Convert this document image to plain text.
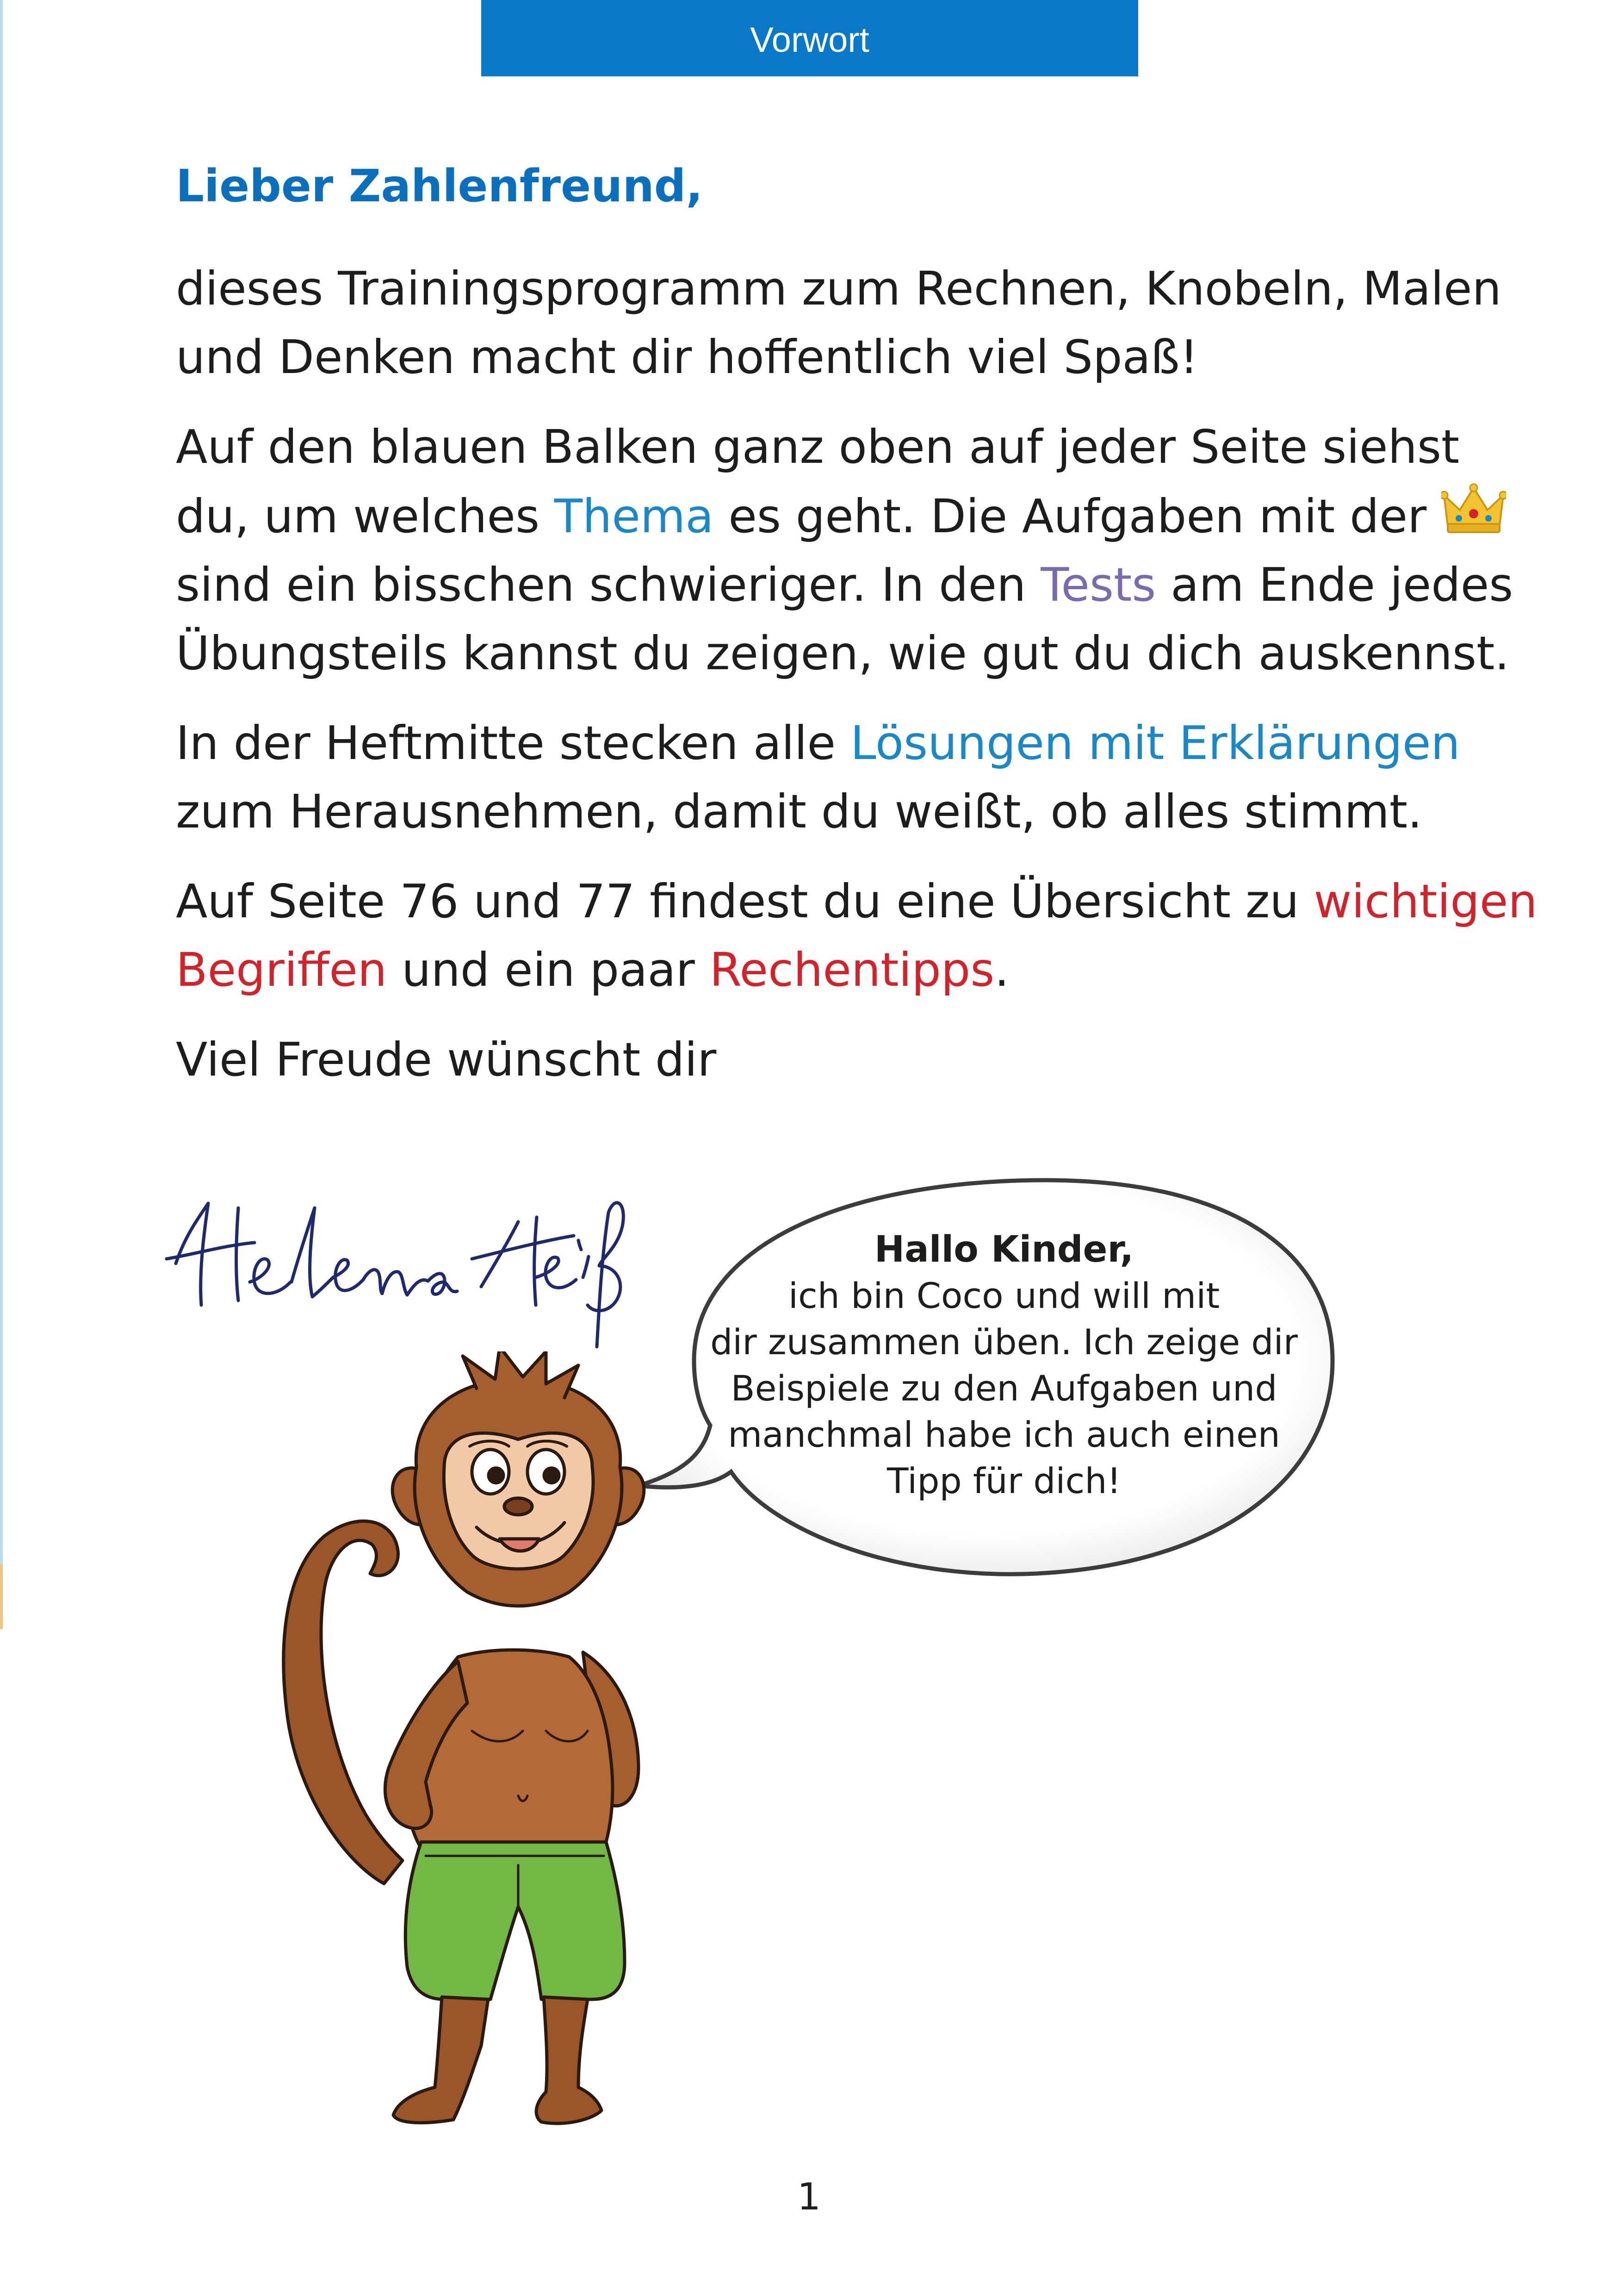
Vorwort

Lieber Zahlenfreund,

dieses Trainingsprogramm zum Rechnen, Knobeln, Malen und Denken macht dir hoffentlich viel Spaß!

Auf den blauen Balken ganz oben auf jeder Seite siehst du, um welches Thema es geht. Die Aufgaben mit der  sind ein bisschen schwieriger. In den Tests am Ende jedes Übungsteils kannst du zeigen, wie gut du dich auskennst.

In der Heftmitte stecken alle Lösungen mit Erklärungen zum Herausnehmen, damit du weißt, ob alles stimmt.

Auf Seite 76 und 77 findest du eine Übersicht zu wichtigen Begriffen und ein paar Rechentipps.

Viel Freude wünscht dir

Hallo Kinder,
ich bin Coco und will mit
dir zusammen üben. Ich zeige dir
Beispiele zu den Aufgaben und
manchmal habe ich auch einen
Tipp für dich!
1
